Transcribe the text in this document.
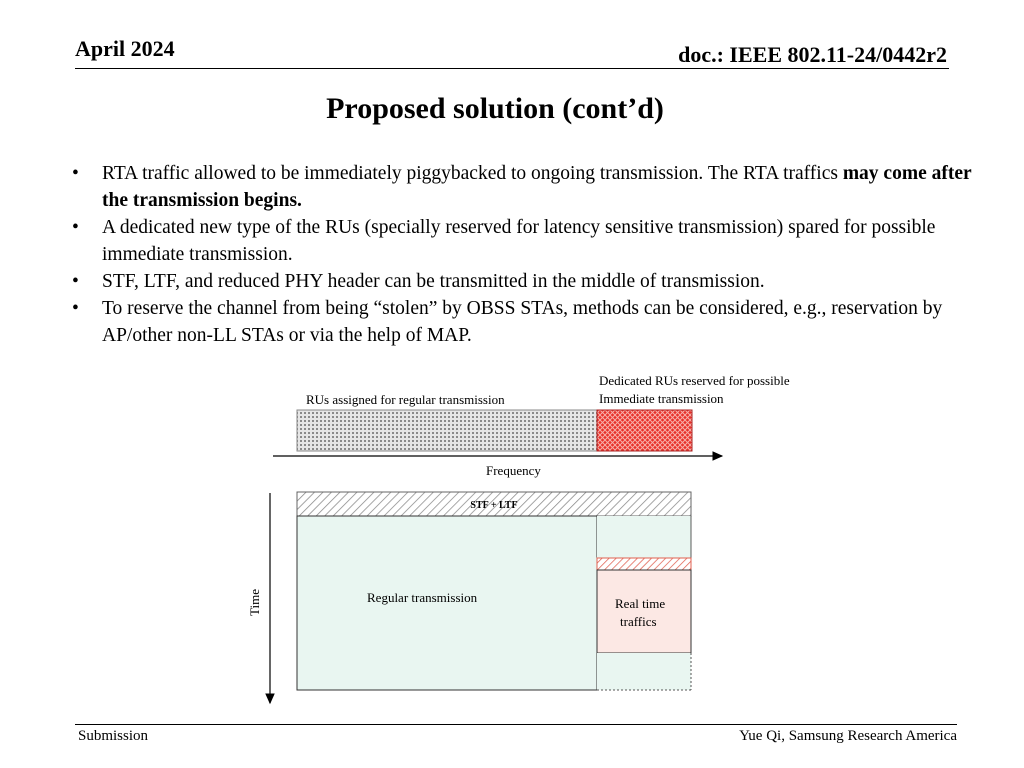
April 2024	doc.: IEEE 802.11-24/0442r2
Proposed solution (cont’d)
• RTA traffic allowed to be immediately piggybacked to ongoing transmission. The RTA traffics may come after the transmission begins.
• A dedicated new type of the RUs (specially reserved for latency sensitive transmission) spared for possible immediate transmission.
• STF, LTF, and reduced PHY header can be transmitted in the middle of transmission.
• To reserve the channel from being “stolen” by OBSS STAs, methods can be considered, e.g., reservation by AP/other non-LL STAs or via the help of MAP.
Dedicated RUs reserved for possible
Immediate transmission
RUs assigned for regular transmission
Frequency
Time
STF + LTF
Regular transmission	Real time
traffics
Submission	Yue Qi, Samsung Research America
